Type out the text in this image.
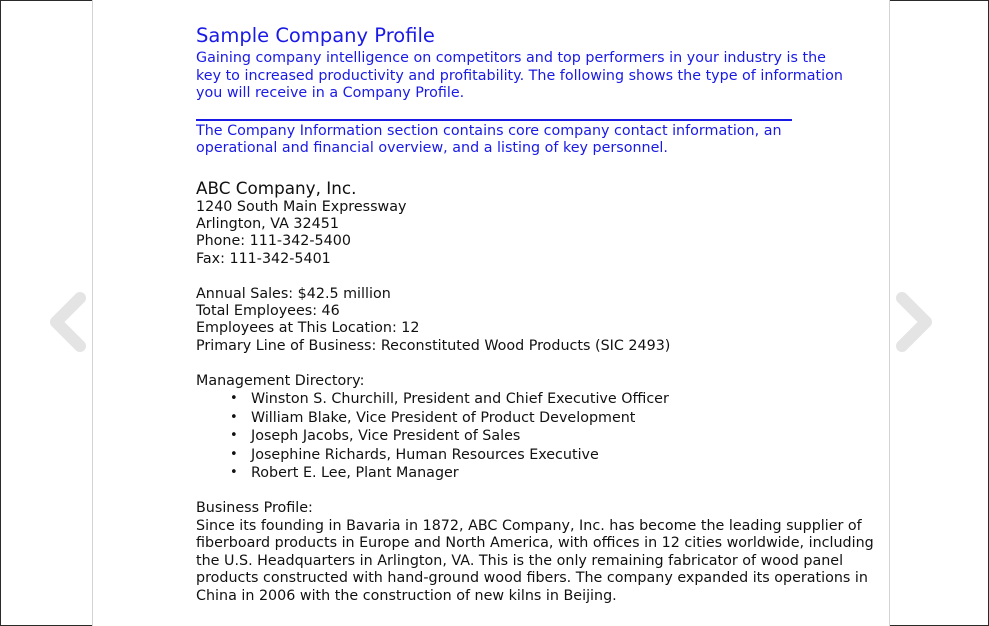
Sample Company Profile

Gaining company intelligence on competitors and top performers in your industry is the key to increased productivity and profitability. The following shows the type of information you will receive in a Company Profile.

The Company Information section contains core company contact information, an operational and financial overview, and a listing of key personnel.

ABC Company, Inc.
1240 South Main Expressway
Arlington, VA 32451
Phone: 111-342-5400
Fax: 111-342-5401
Annual Sales: $42.5 million
Total Employees: 46
Employees at This Location: 12
Primary Line of Business: Reconstituted Wood Products (SIC 2493)
Management Directory:
• Winston S. Churchill, President and Chief Executive Officer
• William Blake, Vice President of Product Development
• Joseph Jacobs, Vice President of Sales
• Josephine Richards, Human Resources Executive
• Robert E. Lee, Plant Manager
Business Profile:

Since its founding in Bavaria in 1872, ABC Company, Inc. has become the leading supplier of fiberboard products in Europe and North America, with offices in 12 cities worldwide, including the U.S. Headquarters in Arlington, VA. This is the only remaining fabricator of wood panel products constructed with hand-ground wood fibers. The company expanded its operations in China in 2006 with the construction of new kilns in Beijing.
